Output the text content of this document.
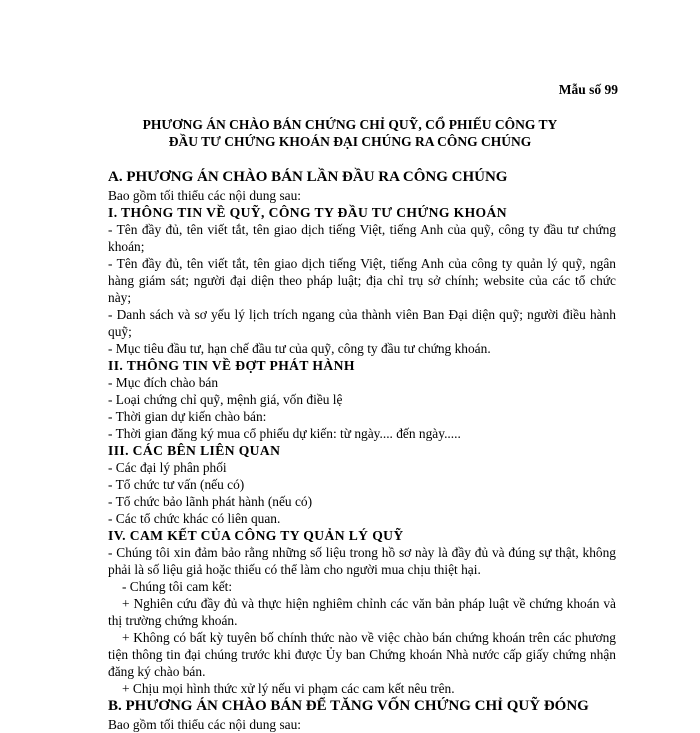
Mẫu số 99
PHƯƠNG ÁN CHÀO BÁN CHỨNG CHỈ QUỸ, CỔ PHIẾU CÔNG TY
ĐẦU TƯ CHỨNG KHOÁN ĐẠI CHÚNG RA CÔNG CHÚNG

A. PHƯƠNG ÁN CHÀO BÁN LẦN ĐẦU RA CÔNG CHÚNG

Bao gồm tối thiểu các nội dung sau:

I. THÔNG TIN VỀ QUỸ, CÔNG TY ĐẦU TƯ CHỨNG KHOÁN

- Tên đầy đủ, tên viết tắt, tên giao dịch tiếng Việt, tiếng Anh của quỹ, công ty đầu tư chứng khoán;

- Tên đầy đủ, tên viết tắt, tên giao dịch tiếng Việt, tiếng Anh của công ty quản lý quỹ, ngân hàng giám sát; người đại diện theo pháp luật; địa chỉ trụ sở chính; website của các tổ chức này;

- Danh sách và sơ yếu lý lịch trích ngang của thành viên Ban Đại diện quỹ; người điều hành quỹ;

- Mục tiêu đầu tư, hạn chế đầu tư của quỹ, công ty đầu tư chứng khoán.

II. THÔNG TIN VỀ ĐỢT PHÁT HÀNH

- Mục đích chào bán

- Loại chứng chỉ quỹ, mệnh giá, vốn điều lệ

- Thời gian dự kiến chào bán:

- Thời gian đăng ký mua cổ phiếu dự kiến: từ ngày.... đến ngày.....

III. CÁC BÊN LIÊN QUAN

- Các đại lý phân phối

- Tổ chức tư vấn (nếu có)

- Tổ chức bảo lãnh phát hành (nếu có)

- Các tổ chức khác có liên quan.

IV. CAM KẾT CỦA CÔNG TY QUẢN LÝ QUỸ

- Chúng tôi xin đảm bảo rằng những số liệu trong hồ sơ này là đầy đủ và đúng sự thật, không phải là số liệu giả hoặc thiếu có thể làm cho người mua chịu thiệt hại.

- Chúng tôi cam kết:

+ Nghiên cứu đầy đủ và thực hiện nghiêm chỉnh các văn bản pháp luật về chứng khoán và thị trường chứng khoán.

+ Không có bất kỳ tuyên bố chính thức nào về việc chào bán chứng khoán trên các phương tiện thông tin đại chúng trước khi được Ủy ban Chứng khoán Nhà nước cấp giấy chứng nhận đăng ký chào bán.

+ Chịu mọi hình thức xử lý nếu vi phạm các cam kết nêu trên.

B. PHƯƠNG ÁN CHÀO BÁN ĐỂ TĂNG VỐN CHỨNG CHỈ QUỸ ĐÓNG

Bao gồm tối thiểu các nội dung sau:
